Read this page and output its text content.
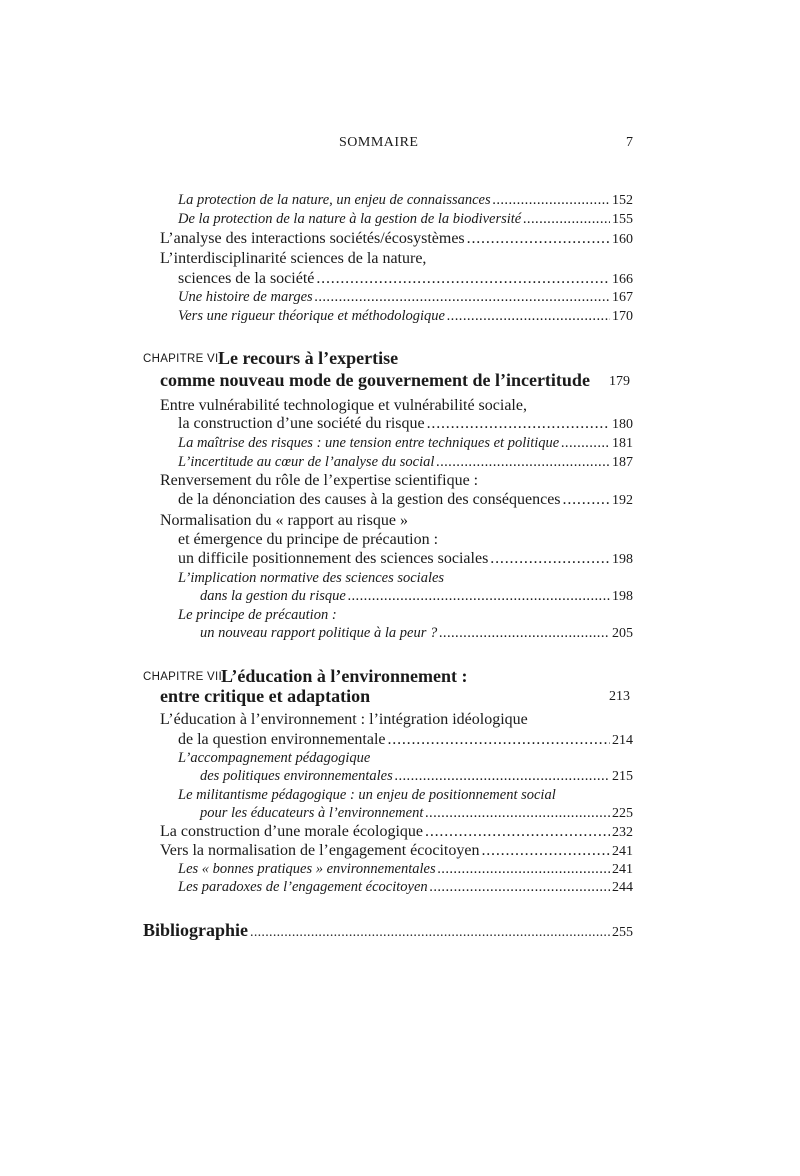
SOMMAIRE	7
La protection de la nature, un enjeu de connaissances . . .	152
De la protection de la nature à la gestion de la biodiversité . . .	155
L’analyse des interactions sociétés/écosystèmes . . .	160
L’interdisciplinarité sciences de la nature,
sciences de la société . . .	166
Une histoire de marges . . .	167
Vers une rigueur théorique et méthodologique . . .	170
CHAPITRE VI Le recours à l’expertise
comme nouveau mode de gouvernement de l’incertitude 179
Entre vulnérabilité technologique et vulnérabilité sociale,
la construction d’une société du risque . . .	180
La maîtrise des risques : une tension entre techniques et politique . . .	181
L’incertitude au cœur de l’analyse du social . . .	187
Renversement du rôle de l’expertise scientifique :
de la dénonciation des causes à la gestion des conséquences . . .	192
Normalisation du « rapport au risque »
et émergence du principe de précaution :
un difficile positionnement des sciences sociales . . .	198
L’implication normative des sciences sociales
dans la gestion du risque . . .	198
Le principe de précaution :
un nouveau rapport politique à la peur ? . . .	205
CHAPITRE VII
L’éducation à l’environnement :
entre critique et adaptation	213
L’éducation à l’environnement : l’intégration idéologique
de la question environnementale . . .	214
L’accompagnement pédagogique
des politiques environnementales . . .	215
Le militantisme pédagogique : un enjeu de positionnement social
pour les éducateurs à l’environnement . . .	225
La construction d’une morale écologique . . .	232
Vers la normalisation de l’engagement écocitoyen . . .	241
Les « bonnes pratiques » environnementales . . .	241
Les paradoxes de l’engagement écocitoyen . . .	244
Bibliographie . . .	255
